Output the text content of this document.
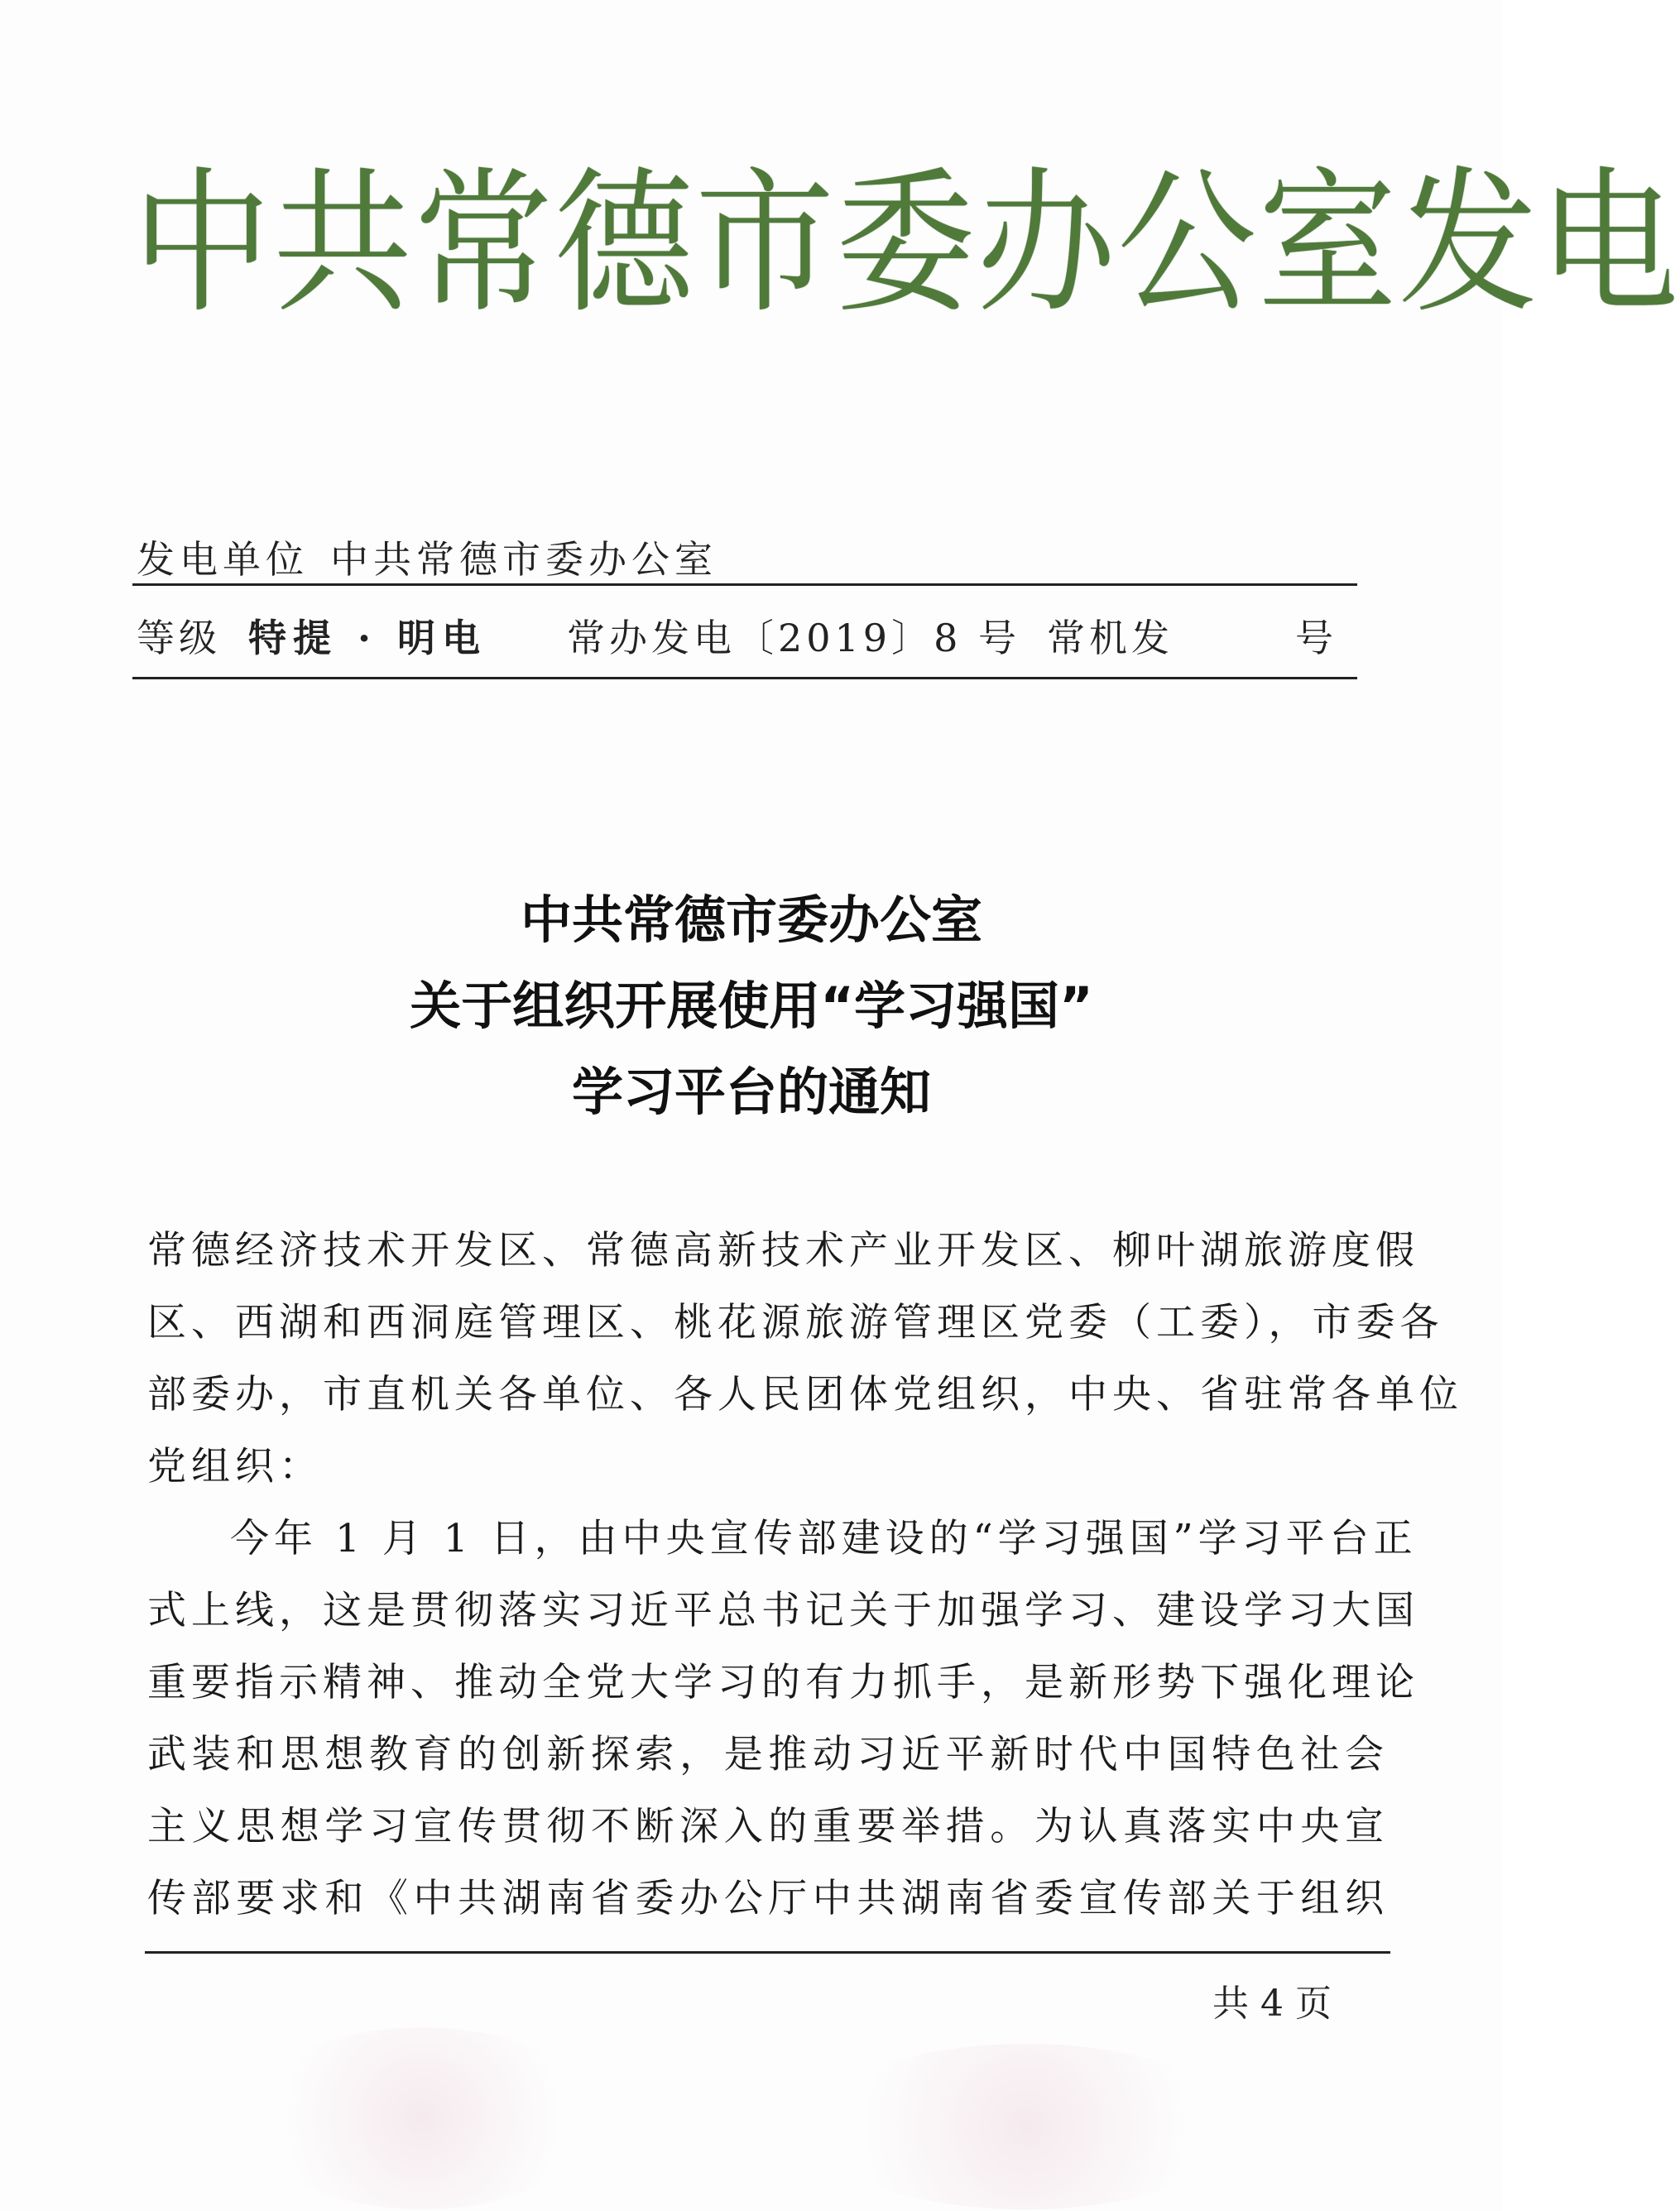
中共常德市委办公室发电
发电单位 中共常德市委办公室
等级 特提 · 明电 常办发电〔2019〕8 号 常机发	号
中共常德市委办公室
关于组织开展使用“学习强国”
学习平台的通知
常德经济技术开发区、常德高新技术产业开发区、柳叶湖旅游度假
区、西湖和西洞庭管理区、桃花源旅游管理区党委（工委），市委各
部委办，市直机关各单位、各人民团体党组织，中央、省驻常各单位
党组织：
今年 1 月 1 日，由中央宣传部建设的“学习强国”学习平台正
式上线，这是贯彻落实习近平总书记关于加强学习、建设学习大国
重要指示精神、推动全党大学习的有力抓手，是新形势下强化理论
武装和思想教育的创新探索，是推动习近平新时代中国特色社会
主义思想学习宣传贯彻不断深入的重要举措。为认真落实中央宣
传部要求和《中共湖南省委办公厅中共湖南省委宣传部关于组织
共 4 页
